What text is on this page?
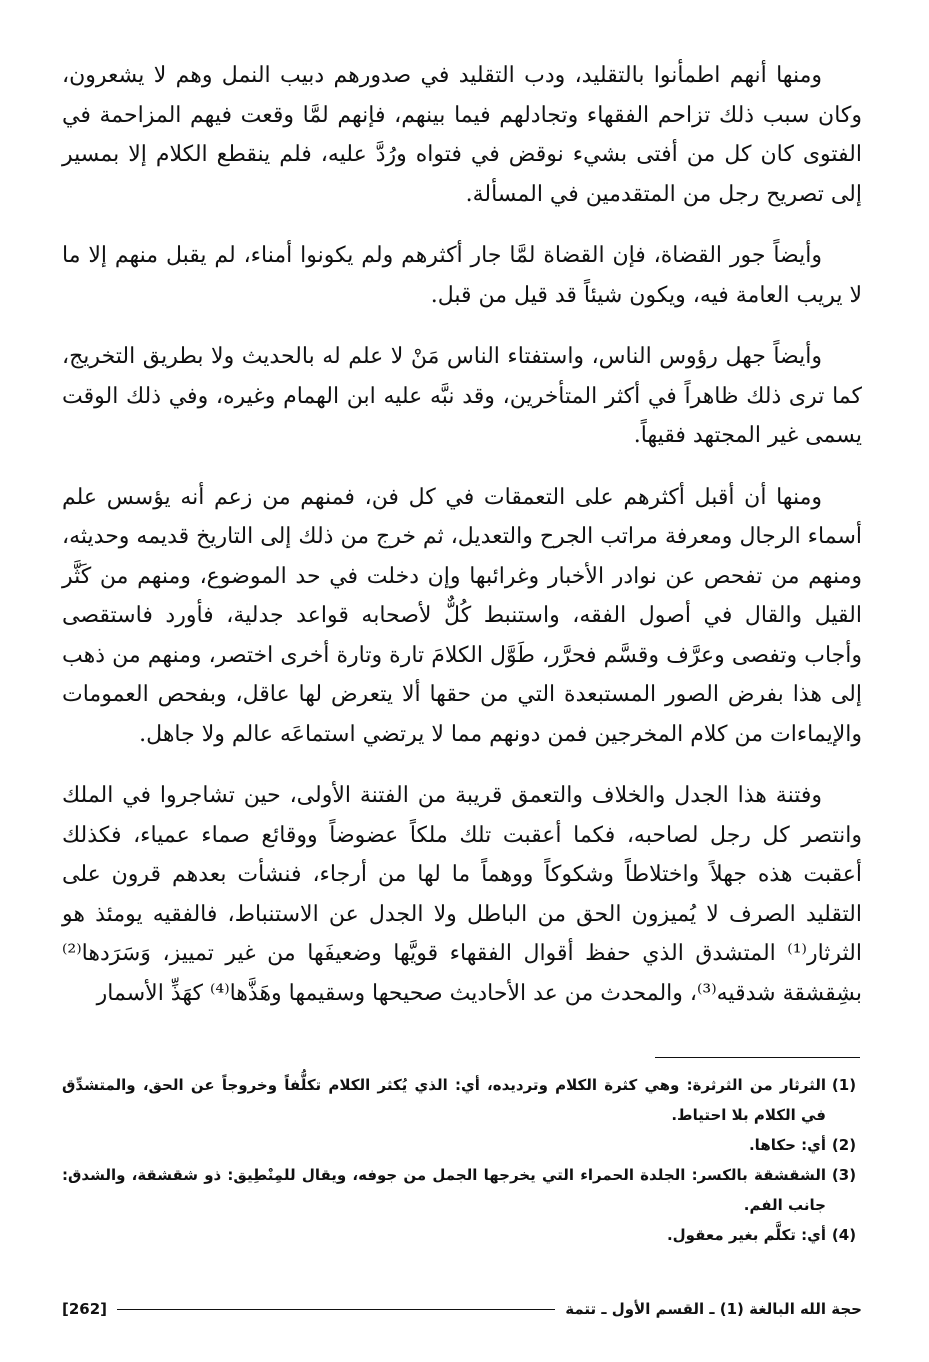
ومنها أنهم اطمأنوا بالتقليد، ودب التقليد في صدورهم دبيب النمل وهم لا يشعرون، وكان سبب ذلك تزاحم الفقهاء وتجادلهم فيما بينهم، فإنهم لمَّا وقعت فيهم المزاحمة في الفتوى كان كل من أفتى بشيء نوقض في فتواه ورُدَّ عليه، فلم ينقطع الكلام إلا بمسير إلى تصريح رجل من المتقدمين في المسألة.

وأيضاً جور القضاة، فإن القضاة لمَّا جار أكثرهم ولم يكونوا أمناء، لم يقبل منهم إلا ما لا يريب العامة فيه، ويكون شيئاً قد قيل من قبل.

وأيضاً جهل رؤوس الناس، واستفتاء الناس مَنْ لا علم له بالحديث ولا بطريق التخريج، كما ترى ذلك ظاهراً في أكثر المتأخرين، وقد نبَّه عليه ابن الهمام وغيره، وفي ذلك الوقت يسمى غير المجتهد فقيهاً.

ومنها أن أقبل أكثرهم على التعمقات في كل فن، فمنهم من زعم أنه يؤسس علم أسماء الرجال ومعرفة مراتب الجرح والتعديل، ثم خرج من ذلك إلى التاريخ قديمه وحديثه، ومنهم من تفحص عن نوادر الأخبار وغرائبها وإن دخلت في حد الموضوع، ومنهم من كَثَّر القيل والقال في أصول الفقه، واستنبط كُلٌّ لأصحابه قواعد جدلية، فأورد فاستقصى وأجاب وتفصى وعرَّف وقسَّم فحرَّر، طَوَّل الكلامَ تارة وتارة أخرى اختصر، ومنهم من ذهب إلى هذا بفرض الصور المستبعدة التي من حقها ألا يتعرض لها عاقل، وبفحص العمومات والإيماءات من كلام المخرجين فمن دونهم مما لا يرتضي استماعَه عالم ولا جاهل.

وفتنة هذا الجدل والخلاف والتعمق قريبة من الفتنة الأولى، حين تشاجروا في الملك وانتصر كل رجل لصاحبه، فكما أعقبت تلك ملكاً عضوضاً ووقائع صماء عمياء، فكذلك أعقبت هذه جهلاً واختلاطاً وشكوكاً ووهماً ما لها من أرجاء، فنشأت بعدهم قرون على التقليد الصرف لا يُميزون الحق من الباطل ولا الجدل عن الاستنباط، فالفقيه يومئذ هو الثرثار⁽¹⁾ المتشدق الذي حفظ أقوال الفقهاء قويَّها وضعيفَها من غير تمييز، وَسَرَدها⁽²⁾ بشِقشقة شدقيه⁽³⁾، والمحدث من عد الأحاديث صحيحها وسقيمها وهَذَّها⁽⁴⁾ كهَذِّ الأسمار

(1)
الثرثار من الثرثرة: وهي كثرة الكلام وترديده، أي: الذي يُكثر الكلام تكلُّفاً وخروجاً عن الحق، والمتشدِّق في الكلام بلا احتياط.
(2)
أي: حكاها.
(3)
الشقشقة بالكسر: الجلدة الحمراء التي يخرجها الجمل من جوفه، ويقال للمِنْطِيق: ذو شقشقة، والشدق: جانب الفم.
(4)
أي: تكلَّم بغير معقول.
حجة الله البالغة (1) ـ القسم الأول ـ تتمة
[262]
